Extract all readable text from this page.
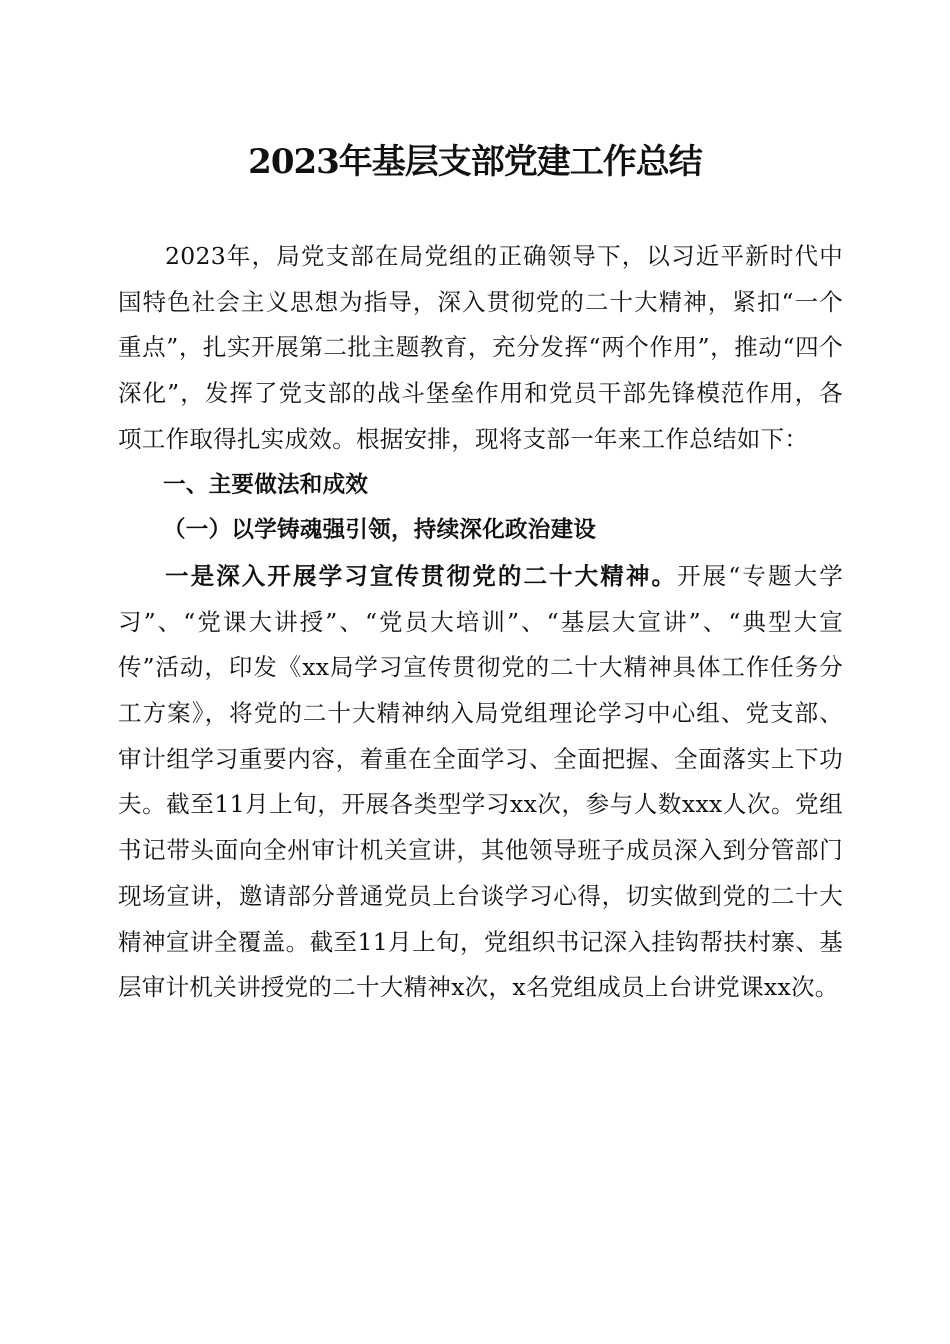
2023年基层支部党建工作总结

2023年，局党支部在局党组的正确领导下，以习近平新时代中国特色社会主义思想为指导，深入贯彻党的二十大精神，紧扣“一个重点”，扎实开展第二批主题教育，充分发挥“两个作用”，推动“四个深化”，发挥了党支部的战斗堡垒作用和党员干部先锋模范作用，各项工作取得扎实成效。根据安排，现将支部一年来工作总结如下：

一、主要做法和成效

（一）以学铸魂强引领，持续深化政治建设

一是深入开展学习宣传贯彻党的二十大精神。开展“专题大学习”、“党课大讲授”、“党员大培训”、“基层大宣讲”、“典型大宣传”活动，印发《xx局学习宣传贯彻党的二十大精神具体工作任务分工方案》，将党的二十大精神纳入局党组理论学习中心组、党支部、审计组学习重要内容，着重在全面学习、全面把握、全面落实上下功夫。截至11月上旬，开展各类型学习xx次，参与人数xxx人次。党组书记带头面向全州审计机关宣讲，其他领导班子成员深入到分管部门现场宣讲，邀请部分普通党员上台谈学习心得，切实做到党的二十大精神宣讲全覆盖。截至11月上旬，党组织书记深入挂钩帮扶村寨、基层审计机关讲授党的二十大精神x次，x名党组成员上台讲党课xx次。
